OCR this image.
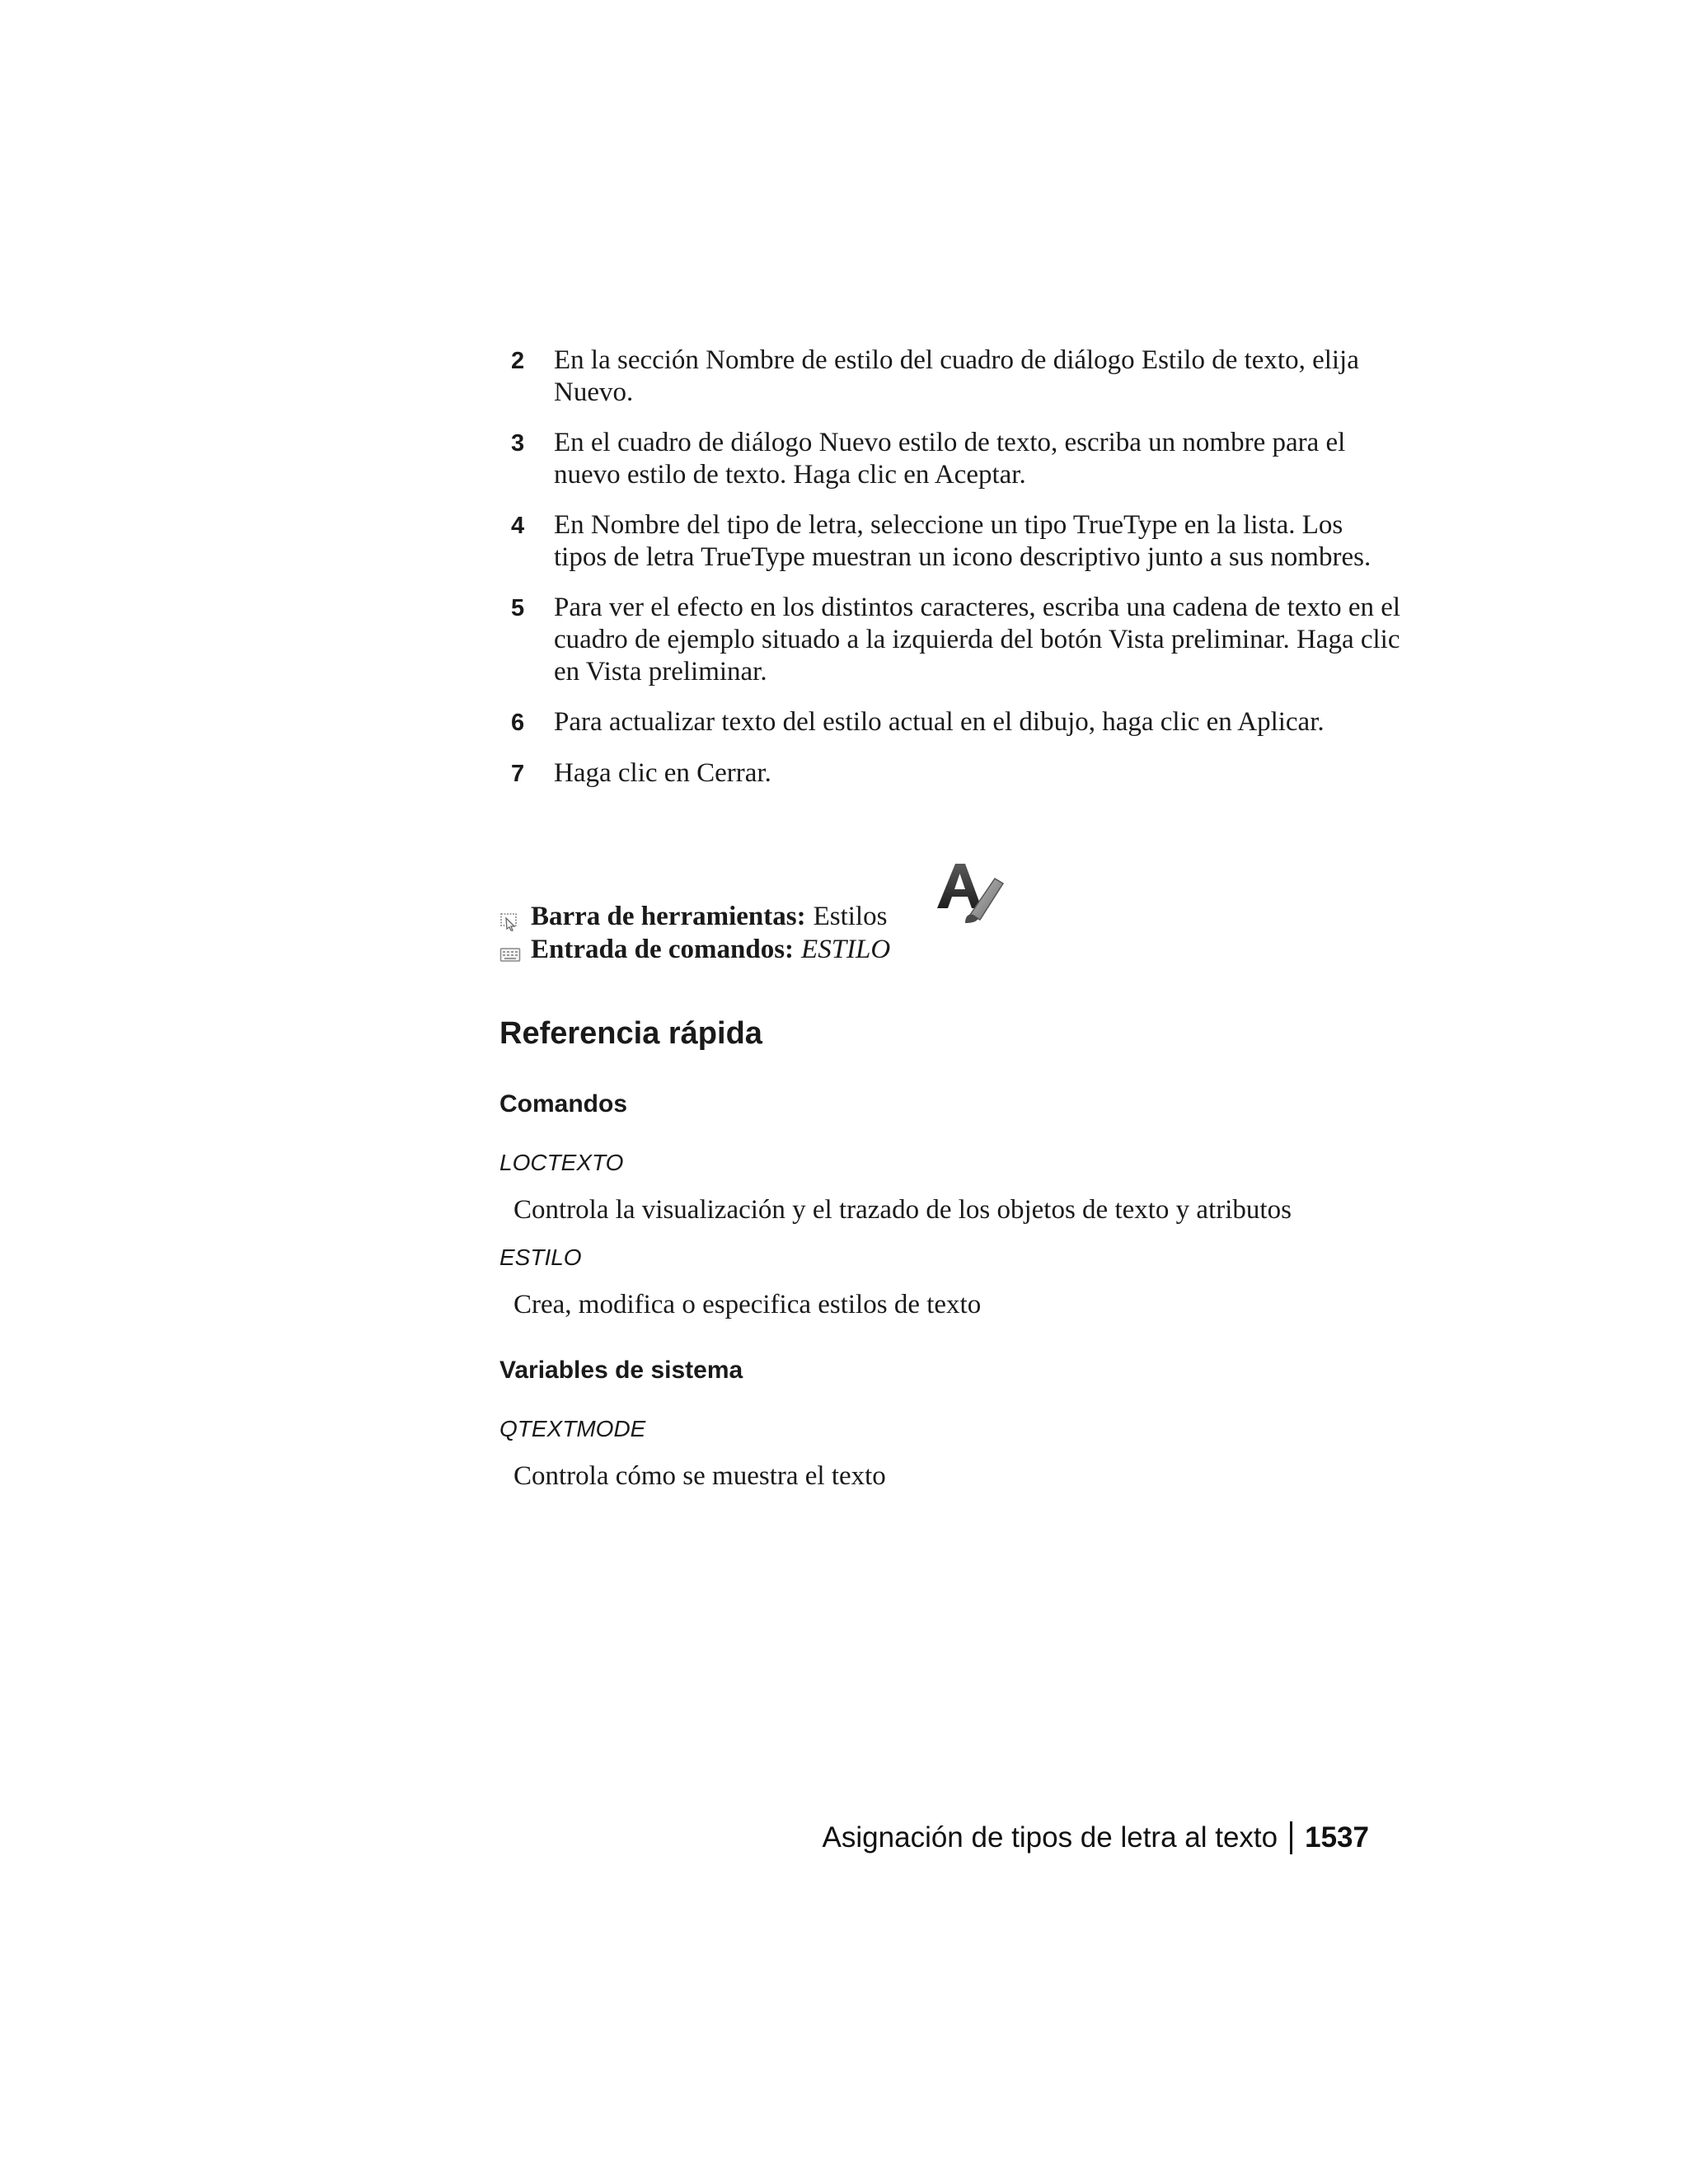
2	En la sección Nombre de estilo del cuadro de diálogo Estilo de texto, elija Nuevo.
3	En el cuadro de diálogo Nuevo estilo de texto, escriba un nombre para el nuevo estilo de texto. Haga clic en Aceptar.
4	En Nombre del tipo de letra, seleccione un tipo TrueType en la lista. Los tipos de letra TrueType muestran un icono descriptivo junto a sus nombres.
5	Para ver el efecto en los distintos caracteres, escriba una cadena de texto en el cuadro de ejemplo situado a la izquierda del botón Vista preliminar. Haga clic en Vista preliminar.
6	Para actualizar texto del estilo actual en el dibujo, haga clic en Aplicar.
7	Haga clic en Cerrar.
Barra de herramientas: Estilos
Entrada de comandos: ESTILO
Referencia rápida
Comandos
LOCTEXTO
Controla la visualización y el trazado de los objetos de texto y atributos
ESTILO
Crea, modifica o especifica estilos de texto
Variables de sistema
QTEXTMODE
Controla cómo se muestra el texto
Asignación de tipos de letra al texto 1537
